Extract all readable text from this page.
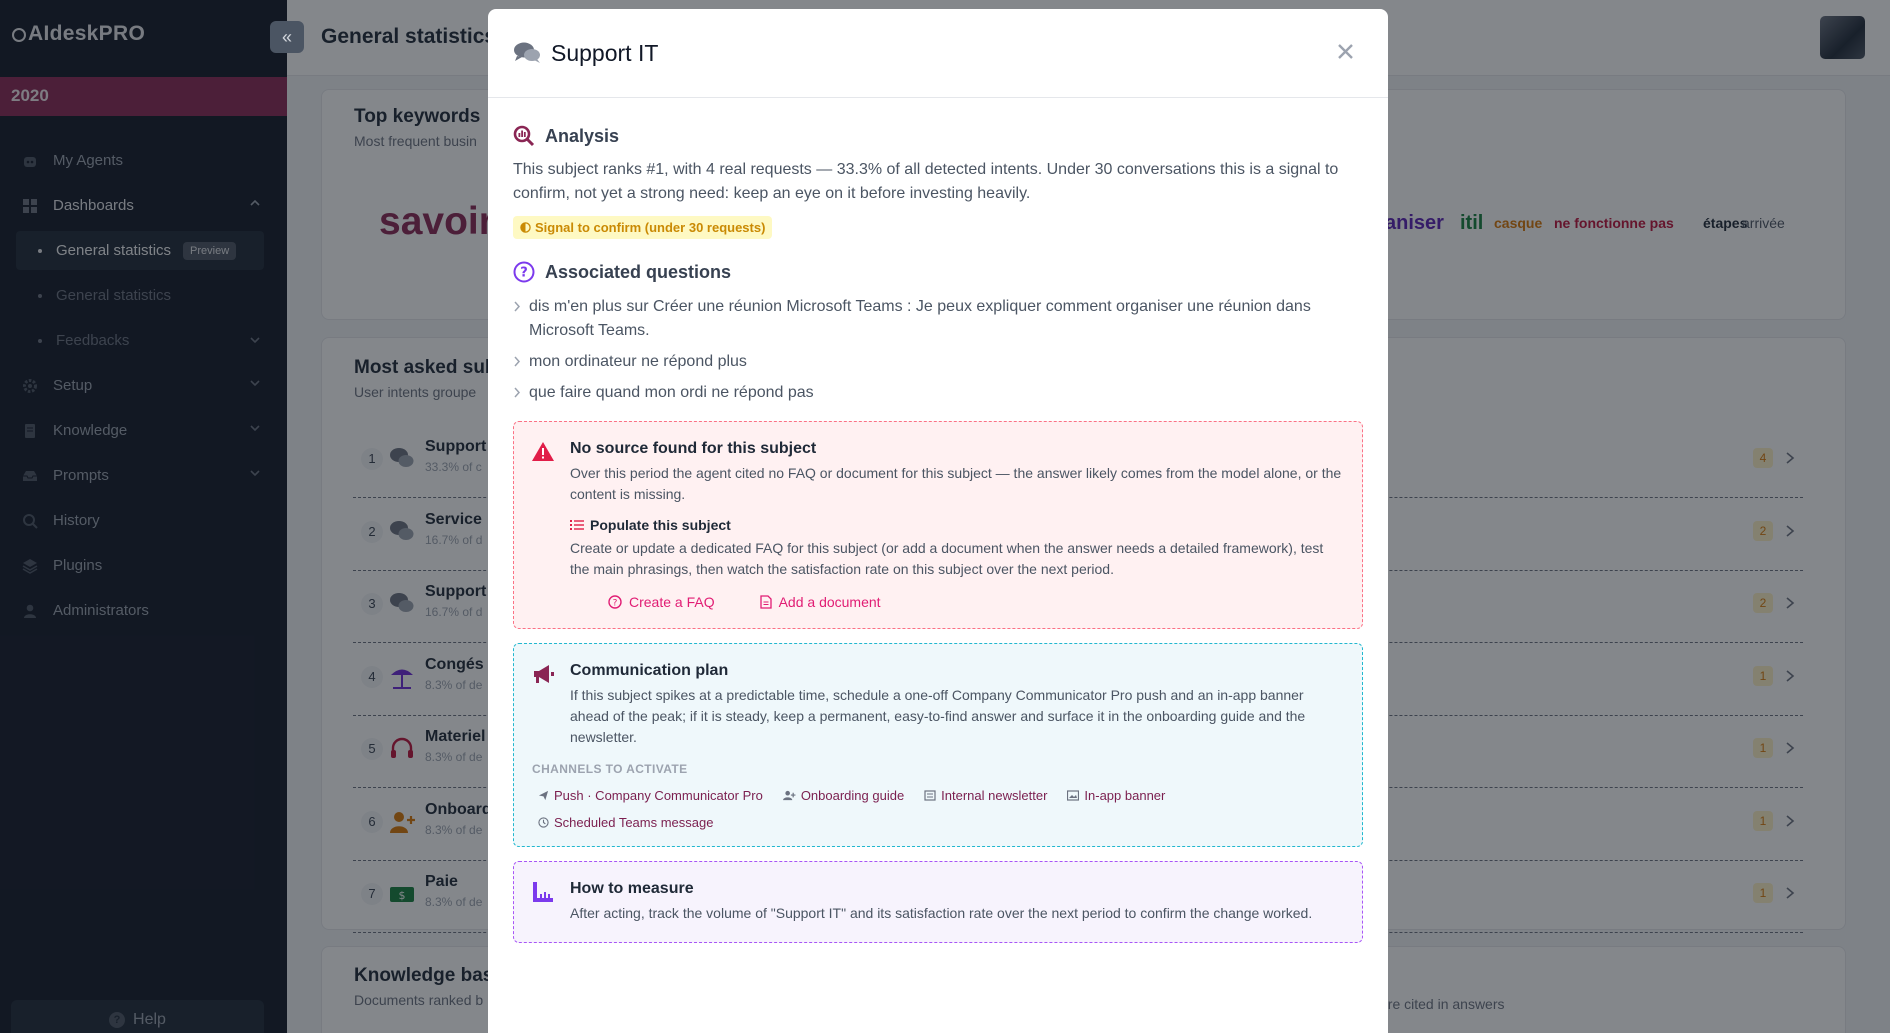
«
Support IT
Analysis
This subject ranks #1, with 4 real requests — 33.3% of all detected intents. Under 30 conversations this is a signal to confirm, not yet a strong need: keep an eye on it before investing heavily.
Signal to confirm (under 30 requests)
? Associated questions
dis m'en plus sur Créer une réunion Microsoft Teams : Je peux expliquer comment organiser une réunion dans Microsoft Teams.
mon ordinateur ne répond plus
que faire quand mon ordi ne répond pas
No source found for this subject
Over this period the agent cited no FAQ or document for this subject — the answer likely comes from the model alone, or the content is missing.
Populate this subject
Create or update a dedicated FAQ for this subject (or add a document when the answer needs a detailed framework), test the main phrasings, then watch the satisfaction rate on this subject over the next period.
? Create a FAQ	Add a document
Communication plan
If this subject spikes at a predictable time, schedule a one-off Company Communicator Pro push and an in-app banner ahead of the peak; if it is steady, keep a permanent, easy-to-find answer and surface it in the onboarding guide and the newsletter.
CHANNELS TO ACTIVATE
Push · Company Communicator Pro	Onboarding guide	Internal newsletter	In-app banner
Scheduled Teams message
How to measure
After acting, track the volume of "Support IT" and its satisfaction rate over the next period to confirm the change worked.
